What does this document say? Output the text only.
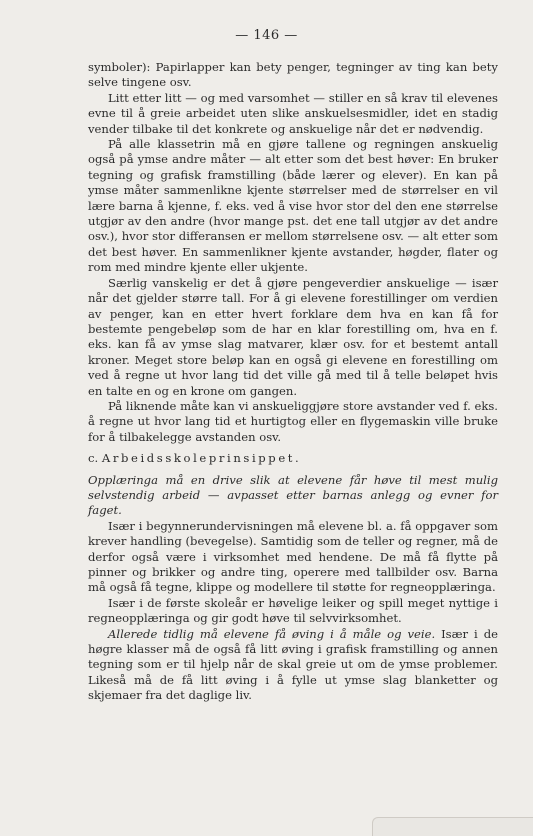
— 146 —

symboler): Papirlapper kan bety penger, tegninger av ting kan bety selve tingene osv.

Litt etter litt — og med varsomhet — stiller en så krav til elevenes evne til å greie arbeidet uten slike anskuelsesmidler, idet en stadig vender tilbake til det konkrete og anskuelige når det er nødvendig.

På alle klassetrin må en gjøre tallene og regningen anskuelig også på ymse andre måter — alt etter som det best høver: En bruker tegning og grafisk framstilling (både lærer og elever). En kan på ymse måter sammenlikne kjente størrelser med de størrelser en vil lære barna å kjenne, f. eks. ved å vise hvor stor del den ene størrelse utgjør av den andre (hvor mange pst. det ene tall utgjør av det andre osv.), hvor stor differansen er mellom størrelsene osv. — alt etter som det best høver. En sammenlikner kjente avstander, høgder, flater og rom med mindre kjente eller ukjente.

Særlig vanskelig er det å gjøre pengeverdier anskuelige — især når det gjelder større tall. For å gi elevene forestillinger om verdien av penger, kan en etter hvert forklare dem hva en kan få for bestemte pengebeløp som de har en klar forestilling om, hva en f. eks. kan få av ymse slag matvarer, klær osv. for et bestemt antall kroner. Meget store beløp kan en også gi elevene en forestilling om ved å regne ut hvor lang tid det ville gå med til å telle beløpet hvis en talte en og en krone om gangen.

På liknende måte kan vi anskueliggjøre store avstander ved f. eks. å regne ut hvor lang tid et hurtigtog eller en flygemaskin ville bruke for å tilbakelegge avstanden osv.

c. Arbeidsskoleprinsippet.

Opplæringa må en drive slik at elevene får høve til mest mulig selvstendig arbeid — avpasset etter barnas anlegg og evner for faget.

Især i begynnerundervisningen må elevene bl. a. få oppgaver som krever handling (bevegelse). Samtidig som de teller og regner, må de derfor også være i virksomhet med hendene. De må få flytte på pinner og brikker og andre ting, operere med tallbilder osv. Barna må også få tegne, klippe og modellere til støtte for regneopplæringa.

Især i de første skoleår er høvelige leiker og spill meget nyttige i regneopplæringa og gir godt høve til selvvirksomhet.

Allerede tidlig må elevene få øving i å måle og veie. Især i de høgre klasser må de også få litt øving i grafisk framstilling og annen tegning som er til hjelp når de skal greie ut om de ymse problemer. Likeså må de få litt øving i å fylle ut ymse slag blanketter og skjemaer fra det daglige liv.
